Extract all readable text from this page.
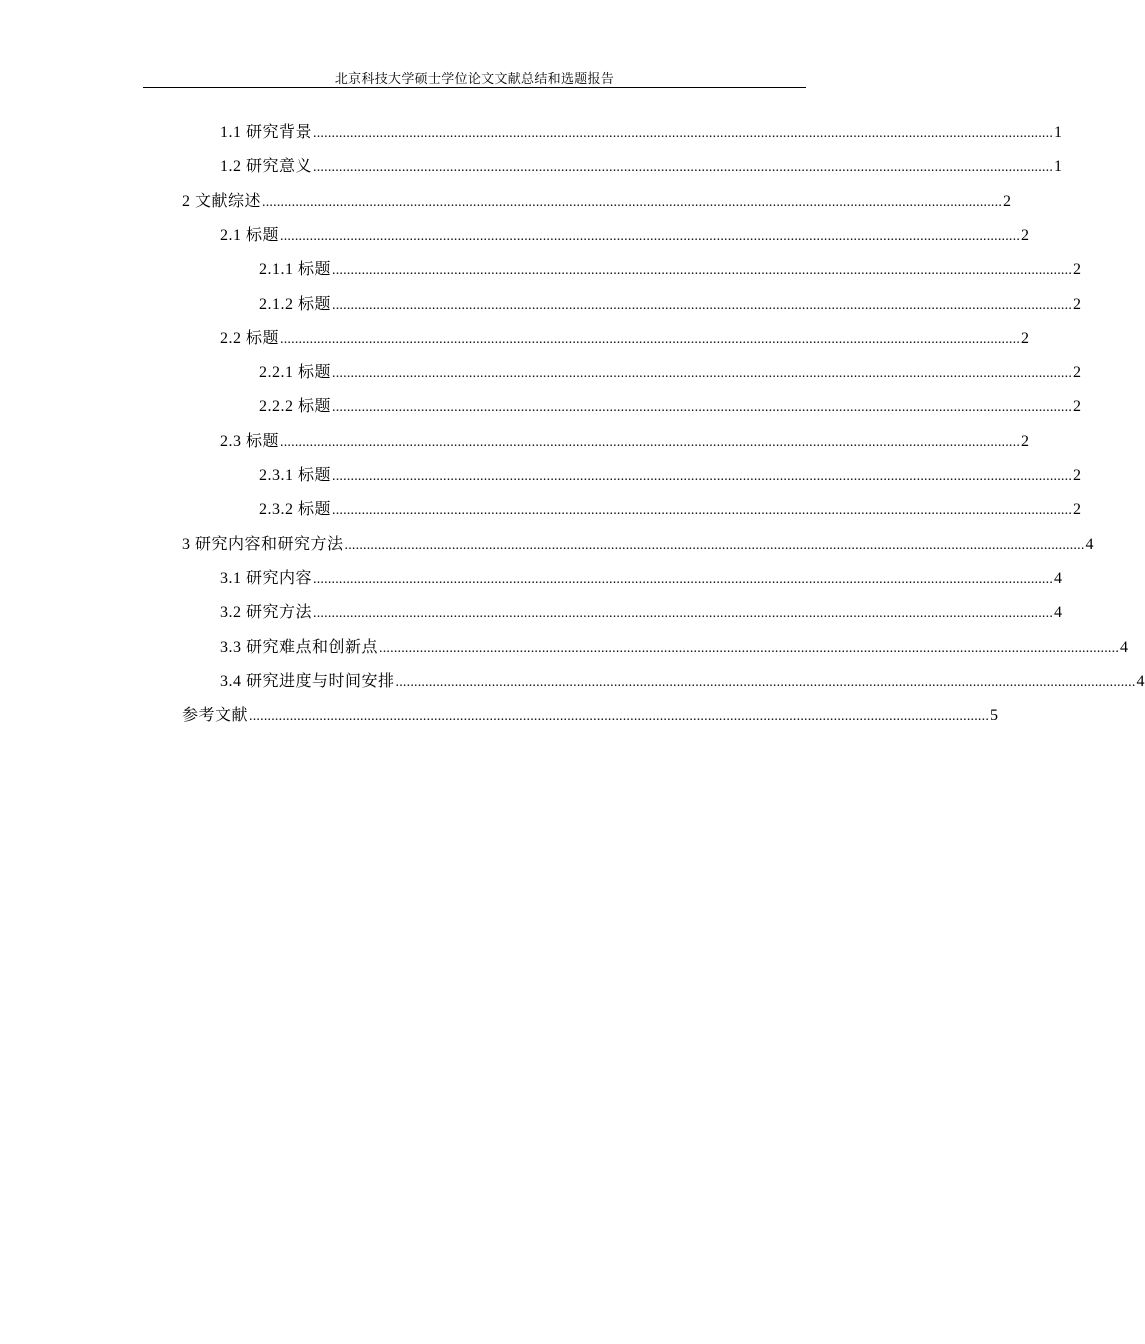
北京科技大学硕士学位论文文献总结和选题报告
1.1 研究背景 ........................................................................................................................................................................................................ 1
1.2 研究意义 ........................................................................................................................................................................................................ 1
2 文献综述 ........................................................................................................................................................................................................ 2
2.1 标题 ........................................................................................................................................................................................................ 2
2.1.1 标题 ........................................................................................................................................................................................................ 2
2.1.2 标题 ........................................................................................................................................................................................................ 2
2.2 标题 ........................................................................................................................................................................................................ 2
2.2.1 标题 ........................................................................................................................................................................................................ 2
2.2.2 标题 ........................................................................................................................................................................................................ 2
2.3 标题 ........................................................................................................................................................................................................ 2
2.3.1 标题 ........................................................................................................................................................................................................ 2
2.3.2 标题 ........................................................................................................................................................................................................ 2
3 研究内容和研究方法 ........................................................................................................................................................................................................ 4
3.1 研究内容 ........................................................................................................................................................................................................ 4
3.2 研究方法 ........................................................................................................................................................................................................ 4
3.3 研究难点和创新点 ........................................................................................................................................................................................................ 4
3.4 研究进度与时间安排 ........................................................................................................................................................................................................ 4
参考文献 ........................................................................................................................................................................................................ 5
